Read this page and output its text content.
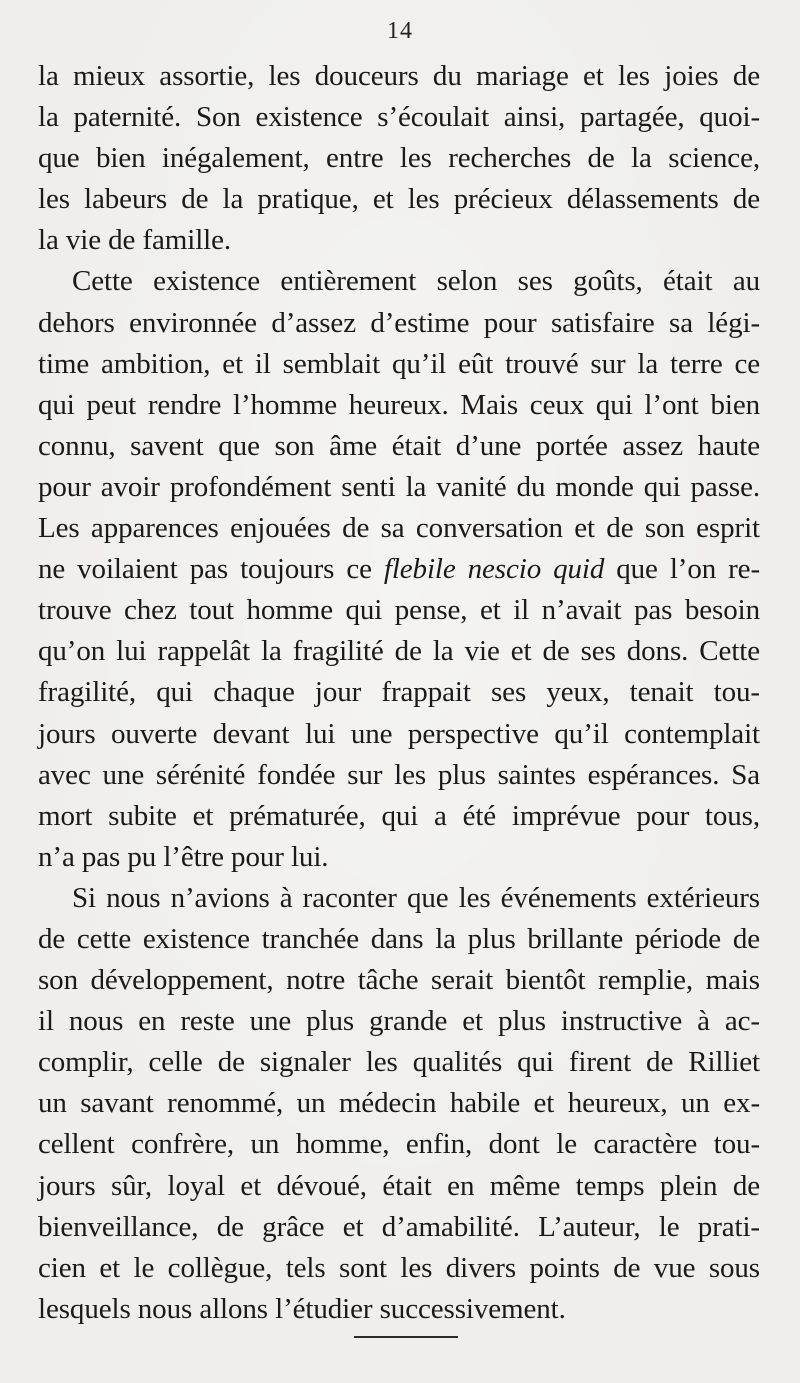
14
la mieux assortie, les douceurs du mariage et les joies de
la paternité. Son existence s’écoulait ainsi, partagée, quoi-
que bien inégalement, entre les recherches de la science,
les labeurs de la pratique, et les précieux délassements de
la vie de famille.
Cette existence entièrement selon ses goûts, était au
dehors environnée d’assez d’estime pour satisfaire sa légi-
time ambition, et il semblait qu’il eût trouvé sur la terre ce
qui peut rendre l’homme heureux. Mais ceux qui l’ont bien
connu, savent que son âme était d’une portée assez haute
pour avoir profondément senti la vanité du monde qui passe.
Les apparences enjouées de sa conversation et de son esprit
ne voilaient pas toujours ce flebile nescio quid que l’on re-
trouve chez tout homme qui pense, et il n’avait pas besoin
qu’on lui rappelât la fragilité de la vie et de ses dons. Cette
fragilité, qui chaque jour frappait ses yeux, tenait tou-
jours ouverte devant lui une perspective qu’il contemplait
avec une sérénité fondée sur les plus saintes espérances. Sa
mort subite et prématurée, qui a été imprévue pour tous,
n’a pas pu l’être pour lui.
Si nous n’avions à raconter que les événements extérieurs
de cette existence tranchée dans la plus brillante période de
son développement, notre tâche serait bientôt remplie, mais
il nous en reste une plus grande et plus instructive à ac-
complir, celle de signaler les qualités qui firent de Rilliet
un savant renommé, un médecin habile et heureux, un ex-
cellent confrère, un homme, enfin, dont le caractère tou-
jours sûr, loyal et dévoué, était en même temps plein de
bienveillance, de grâce et d’amabilité. L’auteur, le prati-
cien et le collègue, tels sont les divers points de vue sous
lesquels nous allons l’étudier successivement.
